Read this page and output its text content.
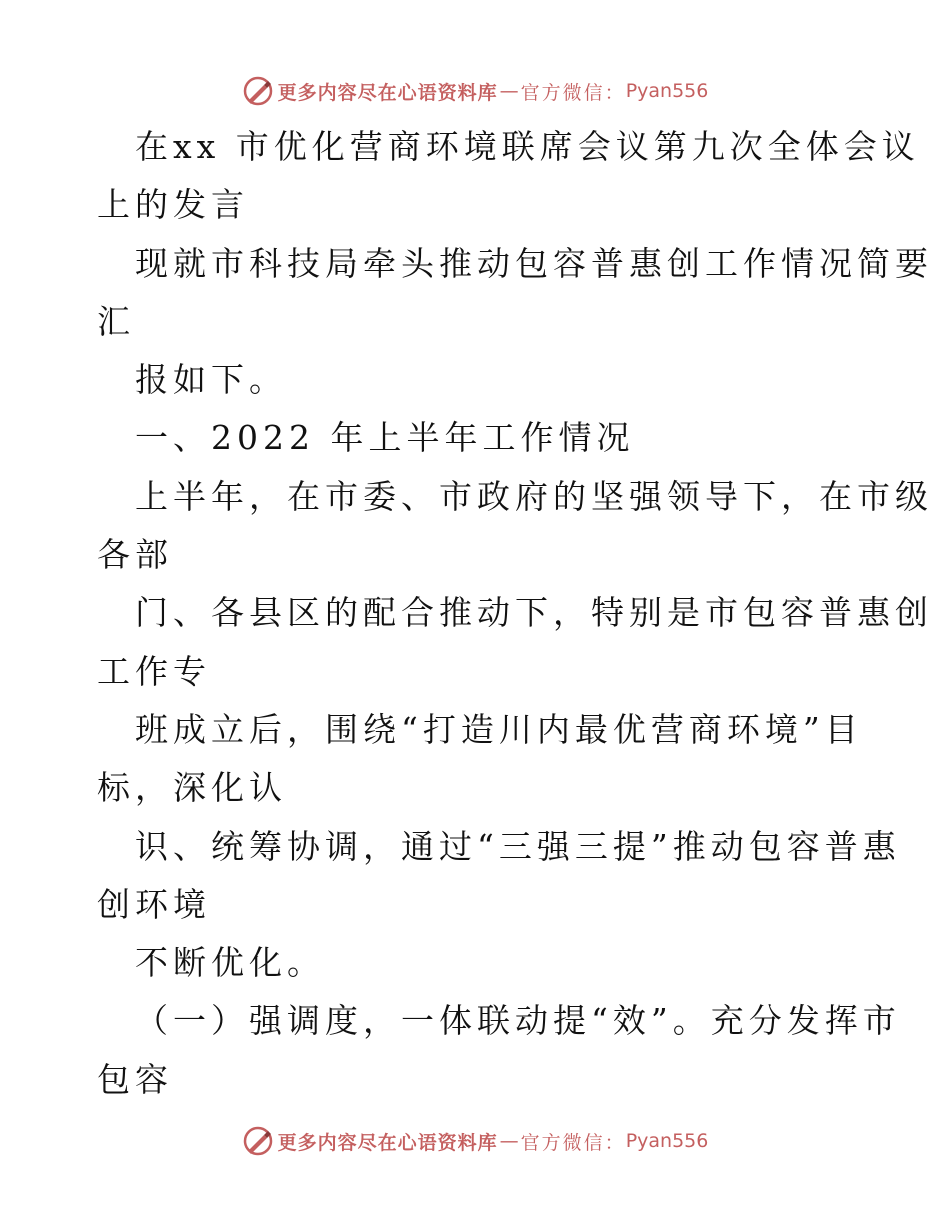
更多内容尽在心语资料库 — 官方微信： Pyan556
在xx 市优化营商环境联席会议第九次全体会议
上的发言
现就市科技局牵头推动包容普惠创工作情况简要
汇
报如下。
一、2022 年上半年工作情况
上半年，在市委、市政府的坚强领导下，在市级
各部
门、各县区的配合推动下，特别是市包容普惠创
工作专
班成立后，围绕“打造川内最优营商环境”目
标，深化认
识、统筹协调，通过“三强三提”推动包容普惠
创环境
不断优化。
（一）强调度，一体联动提“效”。充分发挥市
包容
更多内容尽在心语资料库 — 官方微信： Pyan556
